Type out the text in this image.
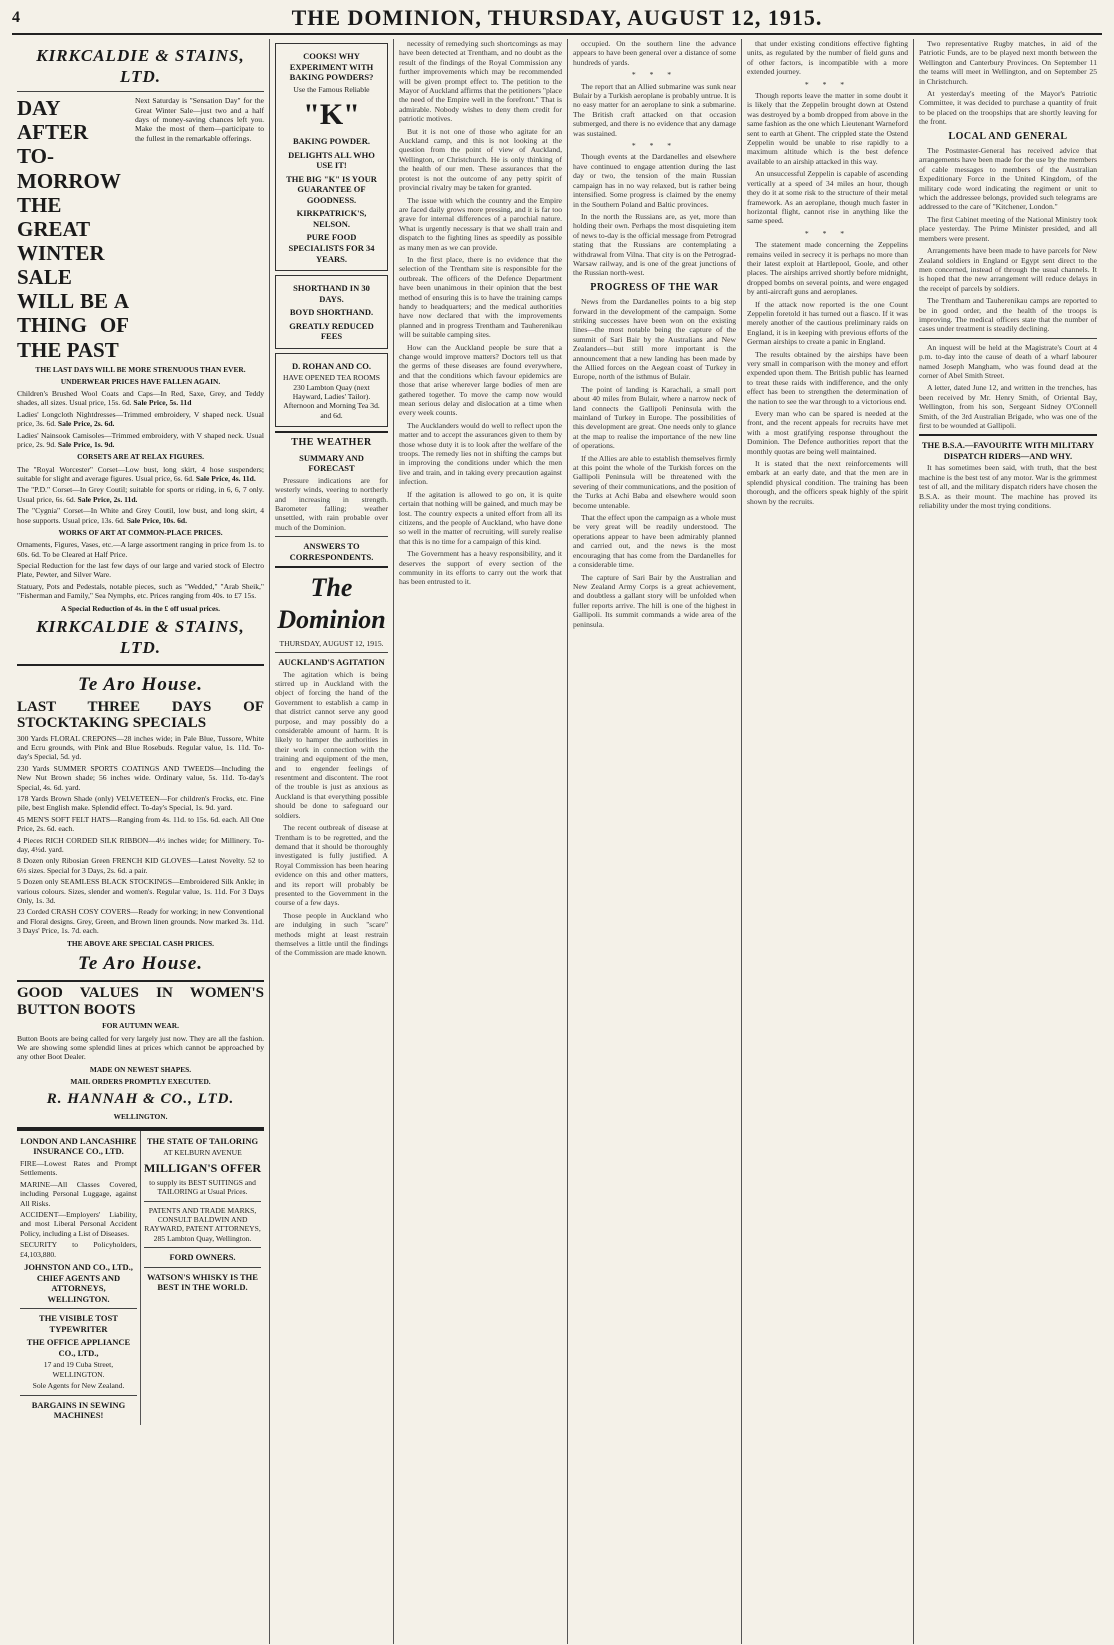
4	THE DOMINION, THURSDAY, AUGUST 12, 1915.
KIRKCALDIE & STAINS, LTD.
DAY AFTER TO-MORROW THE GREAT WINTER SALE WILL BE A THING OF THE PAST
Next Saturday is "Sensation Day" for the Great Winter Sale—just two and a half days of money-saving chances left you. Make the most of them—participate to the fullest in the remarkable offerings.
THE LAST DAYS WILL BE MORE STRENUOUS THAN EVER.
UNDERWEAR PRICES HAVE FALLEN AGAIN.
Children's Brushed Wool Coats and Caps—In Red, Saxe, Grey, and Teddy shades, all sizes. Usual price, 15s. 6d. Sale Price, 5s. 11d
Ladies' Longcloth Nightdresses—Trimmed embroidery, V shaped neck. Usual price, 3s. 6d. Sale Price, 2s. 6d.
Ladies' Nainsook Camisoles—Trimmed embroidery, with V shaped neck. Usual price, 2s. 9d. Sale Price, 1s. 9d.
CORSETS ARE AT RELAX FIGURES.
The "Royal Worcester" Corset—Low bust, long skirt, 4 hose suspenders; suitable for slight and average figures. Usual price, 6s. 6d. Sale Price, 4s. 11d.
The "P.D." Corset—In Grey Coutil; suitable for sports or riding, in 6, 6, 7 only. Usual price, 6s. 6d. Sale Price, 2s. 11d.
The "Cygnia" Corset—In White and Grey Coutil, low bust, and long skirt, 4 hose supports. Usual price, 13s. 6d. Sale Price, 10s. 6d.
WORKS OF ART AT COMMON-PLACE PRICES.
Ornaments, Figures, Vases, etc.—A large assortment ranging in price from 1s. to 60s. 6d. To be Cleared at Half Price.
Special Reduction for the last few days of our large and varied stock of Electro Plate, Pewter, and Silver Ware.
Statuary, Pots and Pedestals, notable pieces, such as "Wedded," "Arab Sheik," "Fisherman and Family," Sea Nymphs, etc. Prices ranging from 40s. to £7 15s.
A Special Reduction of 4s. in the £ off usual prices.
KIRKCALDIE & STAINS, LTD.
Te Aro House.
LAST THREE DAYS OF STOCKTAKING SPECIALS
300 Yards FLORAL CREPONS—28 inches wide; in Pale Blue, Tussore, White and Ecru grounds, with Pink and Blue Rosebuds. Regular value, 1s. 11d. To-day's Special, 5d. yd.
230 Yards SUMMER SPORTS COATINGS AND TWEEDS—Including the New Nut Brown shade; 56 inches wide. Ordinary value, 5s. 11d. To-day's Special, 4s. 6d. yard.
178 Yards Brown Shade (only) VELVETEEN—For children's Frocks, etc. Fine pile, best English make. Splendid effect. To-day's Special, 1s. 9d. yard.
45 MEN'S SOFT FELT HATS—Ranging from 4s. 11d. to 15s. 6d. each. All One Price, 2s. 6d. each.
4 Pieces RICH CORDED SILK RIBBON—4½ inches wide; for Millinery. To-day, 4½d. yard.
8 Dozen only Ribosian Green FRENCH KID GLOVES—Latest Novelty. 52 to 6½ sizes. Special for 3 Days, 2s. 6d. a pair.
5 Dozen only SEAMLESS BLACK STOCKINGS—Embroidered Silk Ankle; in various colours. Sizes, slender and women's. Regular value, 1s. 11d. For 3 Days Only, 1s. 3d.
23 Corded CRASH COSY COVERS—Ready for working; in new Conventional and Floral designs. Grey, Green, and Brown linen grounds. Now marked 3s. 11d. 3 Days' Price, 1s. 7d. each.
THE ABOVE ARE SPECIAL CASH PRICES.
Te Aro House.
GOOD VALUES IN WOMEN'S BUTTON BOOTS
FOR AUTUMN WEAR.
Button Boots are being called for very largely just now. They are all the fashion. We are showing some splendid lines at prices which cannot be approached by any other Boot Dealer.
MADE ON NEWEST SHAPES.
MAIL ORDERS PROMPTLY EXECUTED.
R. HANNAH & CO., LTD.
WELLINGTON.
LONDON AND LANCASHIRE INSURANCE CO., LTD.
FIRE—Lowest Rates and Prompt Settlements.
MARINE—All Classes Covered, including Personal Luggage, against All Risks.
ACCIDENT—Employers' Liability, and most Liberal Personal Accident Policy, including a List of Diseases.
SECURITY to Policyholders, £4,103,880.
JOHNSTON AND CO., LTD., CHIEF AGENTS AND ATTORNEYS, WELLINGTON.
THE VISIBLE TOST TYPEWRITER
THE OFFICE APPLIANCE CO., LTD.,
17 and 19 Cuba Street, WELLINGTON.
Sole Agents for New Zealand.
BARGAINS IN SEWING MACHINES!
THE STATE OF TAILORING
AT KELBURN AVENUE
MILLIGAN'S OFFER
to supply its BEST SUITINGS and TAILORING at Usual Prices.
PATENTS AND TRADE MARKS, CONSULT BALDWIN AND RAYWARD, PATENT ATTORNEYS, 285 Lambton Quay, Wellington.
FORD OWNERS.
WATSON'S WHISKY IS THE BEST IN THE WORLD.
COOKS! WHY EXPERIMENT WITH BAKING POWDERS?
Use the Famous Reliable
"K"
BAKING POWDER.
DELIGHTS ALL WHO USE IT!
THE BIG "K" IS YOUR GUARANTEE OF GOODNESS.
KIRKPATRICK'S, NELSON.
PURE FOOD SPECIALISTS FOR 34 YEARS.
SHORTHAND IN 30 DAYS.
BOYD SHORTHAND.
GREATLY REDUCED FEES
D. ROHAN AND CO.
HAVE OPENED TEA ROOMS 230 Lambton Quay (next Hayward, Ladies' Tailor). Afternoon and Morning Tea 3d. and 6d.
THE WEATHER
SUMMARY AND FORECAST

Pressure indications are for westerly winds, veering to northerly and increasing in strength. Barometer falling; weather unsettled, with rain probable over much of the Dominion.

ANSWERS TO CORRESPONDENTS.
The Dominion
THURSDAY, AUGUST 12, 1915.
AUCKLAND'S AGITATION

The agitation which is being stirred up in Auckland with the object of forcing the hand of the Government to establish a camp in that district cannot serve any good purpose, and may possibly do a considerable amount of harm. It is likely to hamper the authorities in their work in connection with the training and equipment of the men, and to engender feelings of resentment and discontent. The root of the trouble is just as anxious as Auckland is that everything possible should be done to safeguard our soldiers.

The recent outbreak of disease at Trentham is to be regretted, and the demand that it should be thoroughly investigated is fully justified. A Royal Commission has been hearing evidence on this and other matters, and its report will probably be presented to the Government in the course of a few days.

Those people in Auckland who are indulging in such "scare" methods might at least restrain themselves a little until the findings of the Commission are made known.

necessity of remedying such shortcomings as may have been detected at Trentham, and no doubt as the result of the findings of the Royal Commission any further improvements which may be recommended will be given prompt effect to. The petition to the Mayor of Auckland affirms that the petitioners "place the need of the Empire well in the forefront." That is admirable. Nobody wishes to deny them credit for patriotic motives.

But it is not one of those who agitate for an Auckland camp, and this is not looking at the question from the point of view of Auckland, Wellington, or Christchurch. He is only thinking of the health of our men. These assurances that the protest is not the outcome of any petty spirit of provincial rivalry may be taken for granted.

The issue with which the country and the Empire are faced daily grows more pressing, and it is far too grave for internal differences of a parochial nature. What is urgently necessary is that we shall train and dispatch to the fighting lines as speedily as possible as many men as we can provide.

In the first place, there is no evidence that the selection of the Trentham site is responsible for the outbreak. The officers of the Defence Department have been unanimous in their opinion that the best method of ensuring this is to have the training camps handy to headquarters; and the medical authorities have now declared that with the improvements planned and in progress Trentham and Tauherenikau will be suitable camping sites.

How can the Auckland people be sure that a change would improve matters? Doctors tell us that the germs of these diseases are found everywhere, and that the conditions which favour epidemics are those that arise wherever large bodies of men are gathered together. To move the camp now would mean serious delay and dislocation at a time when every week counts.

The Aucklanders would do well to reflect upon the matter and to accept the assurances given to them by those whose duty it is to look after the welfare of the troops. The remedy lies not in shifting the camps but in improving the conditions under which the men live and train, and in taking every precaution against infection.

If the agitation is allowed to go on, it is quite certain that nothing will be gained, and much may be lost. The country expects a united effort from all its citizens, and the people of Auckland, who have done so well in the matter of recruiting, will surely realise that this is no time for a campaign of this kind.

The Government has a heavy responsibility, and it deserves the support of every section of the community in its efforts to carry out the work that has been entrusted to it.

occupied. On the southern line the advance appears to have been general over a distance of some hundreds of yards.

* * *

The report that an Allied submarine was sunk near Bulair by a Turkish aeroplane is probably untrue. It is no easy matter for an aeroplane to sink a submarine. The British craft attacked on that occasion submerged, and there is no evidence that any damage was sustained.

* * *

Though events at the Dardanelles and elsewhere have continued to engage attention during the last day or two, the tension of the main Russian campaign has in no way relaxed, but is rather being intensified. Some progress is claimed by the enemy in the Southern Poland and Baltic provinces.

In the north the Russians are, as yet, more than holding their own. Perhaps the most disquieting item of news to-day is the official message from Petrograd stating that the Russians are contemplating a withdrawal from Vilna. That city is on the Petrograd-Warsaw railway, and is one of the great junctions of the Russian north-west.

PROGRESS OF THE WAR

News from the Dardanelles points to a big step forward in the development of the campaign. Some striking successes have been won on the existing lines—the most notable being the capture of the summit of Sari Bair by the Australians and New Zealanders—but still more important is the announcement that a new landing has been made by the Allied forces on the Aegean coast of Turkey in Europe, north of the isthmus of Bulair.

The point of landing is Karachali, a small port about 40 miles from Bulair, where a narrow neck of land connects the Gallipoli Peninsula with the mainland of Turkey in Europe. The possibilities of this development are great. One needs only to glance at the map to realise the importance of the new line of operations.

If the Allies are able to establish themselves firmly at this point the whole of the Turkish forces on the Gallipoli Peninsula will be threatened with the severing of their communications, and the position of the Turks at Achi Baba and elsewhere would soon become untenable.

That the effect upon the campaign as a whole must be very great will be readily understood. The operations appear to have been admirably planned and carried out, and the news is the most encouraging that has come from the Dardanelles for a considerable time.

The capture of Sari Bair by the Australian and New Zealand Army Corps is a great achievement, and doubtless a gallant story will be unfolded when fuller reports arrive. The hill is one of the highest in Gallipoli. Its summit commands a wide area of the peninsula.

that under existing conditions effective fighting units, as regulated by the number of field guns and of other factors, is incompatible with a more extended journey.

* * *

Though reports leave the matter in some doubt it is likely that the Zeppelin brought down at Ostend was destroyed by a bomb dropped from above in the same fashion as the one which Lieutenant Warneford sent to earth at Ghent. The crippled state the Ostend Zeppelin would be unable to rise rapidly to a maximum altitude which is the best defence available to an airship attacked in this way.

An unsuccessful Zeppelin is capable of ascending vertically at a speed of 34 miles an hour, though they do it at some risk to the structure of their metal framework. As an aeroplane, though much faster in horizontal flight, cannot rise in anything like the same speed.

* * *

The statement made concerning the Zeppelins remains veiled in secrecy it is perhaps no more than their latest exploit at Hartlepool, Goole, and other places. The airships arrived shortly before midnight, dropped bombs on several points, and were engaged by anti-aircraft guns and aeroplanes.

If the attack now reported is the one Count Zeppelin foretold it has turned out a fiasco. If it was merely another of the cautious preliminary raids on England, it is in keeping with previous efforts of the German airships to create a panic in England.

The results obtained by the airships have been very small in comparison with the money and effort expended upon them. The British public has learned to treat these raids with indifference, and the only effect has been to strengthen the determination of the nation to see the war through to a victorious end.

Every man who can be spared is needed at the front, and the recent appeals for recruits have met with a most gratifying response throughout the Dominion. The Defence authorities report that the monthly quotas are being well maintained.

It is stated that the next reinforcements will embark at an early date, and that the men are in splendid physical condition. The training has been thorough, and the officers speak highly of the spirit shown by the recruits.

Two representative Rugby matches, in aid of the Patriotic Funds, are to be played next month between the Wellington and Canterbury Provinces. On September 11 the teams will meet in Wellington, and on September 25 in Christchurch.

At yesterday's meeting of the Mayor's Patriotic Committee, it was decided to purchase a quantity of fruit to be placed on the troopships that are shortly leaving for the front.

LOCAL AND GENERAL

The Postmaster-General has received advice that arrangements have been made for the use by the members of cable messages to members of the Australian Expeditionary Force in the United Kingdom, of the military code word indicating the regiment or unit to which the addressee belongs, provided such telegrams are addressed to the care of "Kitchener, London."

The first Cabinet meeting of the National Ministry took place yesterday. The Prime Minister presided, and all members were present.

Arrangements have been made to have parcels for New Zealand soldiers in England or Egypt sent direct to the men concerned, instead of through the usual channels. It is hoped that the new arrangement will reduce delays in the receipt of parcels by soldiers.

The Trentham and Tauherenikau camps are reported to be in good order, and the health of the troops is improving. The medical officers state that the number of cases under treatment is steadily declining.

An inquest will be held at the Magistrate's Court at 4 p.m. to-day into the cause of death of a wharf labourer named Joseph Mangham, who was found dead at the corner of Abel Smith Street.

A letter, dated June 12, and written in the trenches, has been received by Mr. Henry Smith, of Oriental Bay, Wellington, from his son, Sergeant Sidney O'Connell Smith, of the 3rd Australian Brigade, who was one of the first to be wounded at Gallipoli.

THE B.S.A.—FAVOURITE WITH MILITARY DISPATCH RIDERS—AND WHY.

It has sometimes been said, with truth, that the best machine is the best test of any motor. War is the grimmest test of all, and the military dispatch riders have chosen the B.S.A. as their mount. The machine has proved its reliability under the most trying conditions.
